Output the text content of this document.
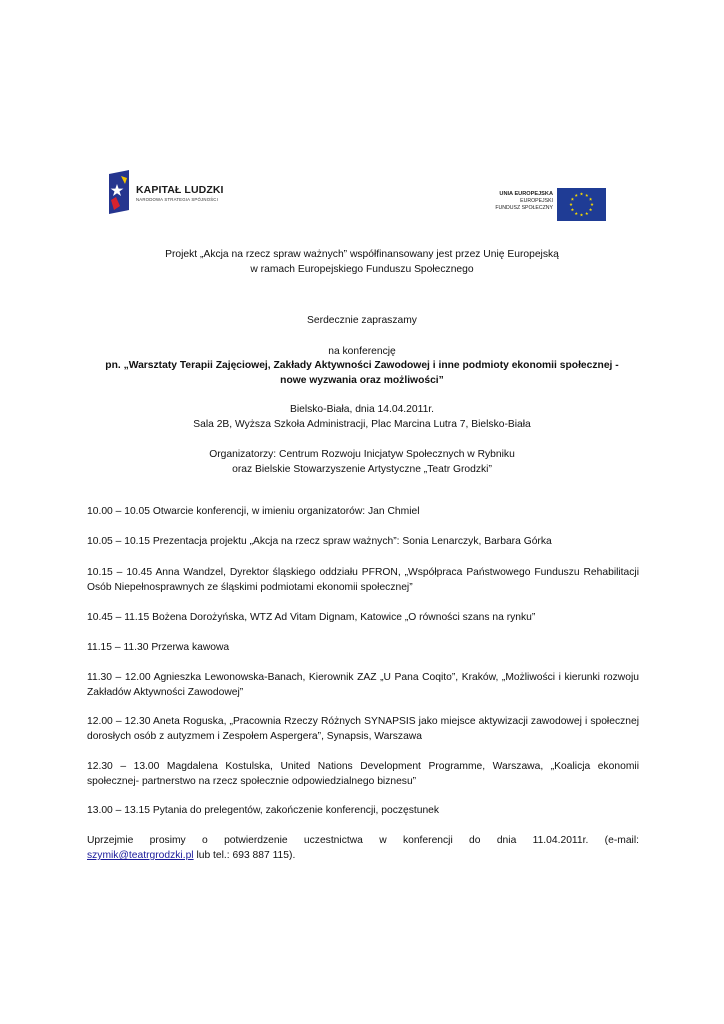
KAPITAŁ LUDZKI
NARODOWA STRATEGIA SPÓJNOŚCI
UNIA EUROPEJSKA
EUROPEJSKI
FUNDUSZ SPOŁECZNY
Projekt „Akcja na rzecz spraw ważnych” współfinansowany jest przez Unię Europejską
w ramach Europejskiego Funduszu Społecznego
Serdecznie zapraszamy
na konferencję
pn. „Warsztaty Terapii Zajęciowej, Zakłady Aktywności Zawodowej i inne podmioty ekonomii społecznej -
nowe wyzwania oraz możliwości”
Bielsko-Biała, dnia 14.04.2011r.
Sala 2B, Wyższa Szkoła Administracji, Plac Marcina Lutra 7, Bielsko-Biała
Organizatorzy: Centrum Rozwoju Inicjatyw Społecznych w Rybniku
oraz Bielskie Stowarzyszenie Artystyczne „Teatr Grodzki”

10.00 – 10.05 Otwarcie konferencji, w imieniu organizatorów: Jan Chmiel

10.05 – 10.15 Prezentacja projektu „Akcja na rzecz spraw ważnych”: Sonia Lenarczyk, Barbara Górka

10.15 – 10.45 Anna Wandzel, Dyrektor śląskiego oddziału PFRON, „Współpraca Państwowego Funduszu Rehabilitacji Osób Niepełnosprawnych ze śląskimi podmiotami ekonomii społecznej”

10.45 – 11.15 Bożena Dorożyńska, WTZ Ad Vitam Dignam, Katowice „O równości szans na rynku”

11.15 – 11.30 Przerwa kawowa

11.30 – 12.00 Agnieszka Lewonowska-Banach, Kierownik ZAZ „U Pana Coqito”, Kraków, „Możliwości i kierunki rozwoju Zakładów Aktywności Zawodowej”

12.00 – 12.30 Aneta Roguska, „Pracownia Rzeczy Różnych SYNAPSIS jako miejsce aktywizacji zawodowej i społecznej dorosłych osób z autyzmem i Zespołem Aspergera”, Synapsis, Warszawa

12.30 – 13.00 Magdalena Kostulska, United Nations Development Programme, Warszawa, „Koalicja ekonomii społecznej- partnerstwo na rzecz społecznie odpowiedzialnego biznesu”

13.00 – 13.15 Pytania do prelegentów, zakończenie konferencji, poczęstunek

Uprzejmie prosimy o potwierdzenie uczestnictwa w konferencji do dnia 11.04.2011r. (e-mail:
szymik@teatrgrodzki.pl lub tel.: 693 887 115).
